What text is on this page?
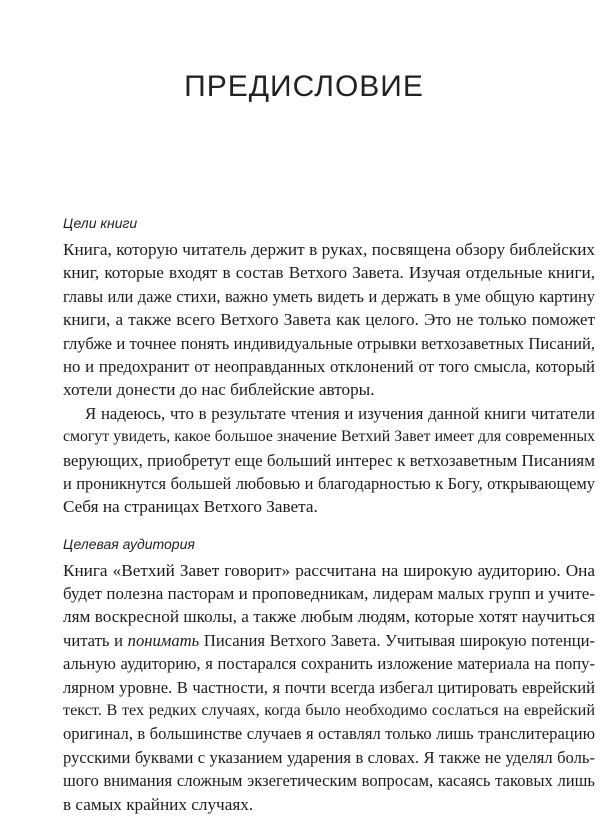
ПРЕДИСЛОВИЕ
Цели книги
Книга, которую читатель держит в руках, посвящена обзору библейских
книг, которые входят в состав Ветхого Завета. Изучая отдельные книги,
главы или даже стихи, важно уметь видеть и держать в уме общую картину
книги, а также всего Ветхого Завета как целого. Это не только поможет
глубже и точнее понять индивидуальные отрывки ветхозаветных Писаний,
но и предохранит от неоправданных отклонений от того смысла, который
хотели донести до нас библейские авторы.
Я надеюсь, что в результате чтения и изучения данной книги читатели
смогут увидеть, какое большое значение Ветхий Завет имеет для современных
верующих, приобретут еще больший интерес к ветхозаветным Писаниям
и проникнутся большей любовью и благодарностью к Богу, открывающему
Себя на страницах Ветхого Завета.
Целевая аудитория
Книга «Ветхий Завет говорит» рассчитана на широкую аудиторию. Она
будет полезна пасторам и проповедникам, лидерам малых групп и учите-
лям воскресной школы, а также любым людям, которые хотят научиться
читать и понимать Писания Ветхого Завета. Учитывая широкую потенци-
альную аудиторию, я постарался сохранить изложение материала на попу-
лярном уровне. В частности, я почти всегда избегал цитировать еврейский
текст. В тех редких случаях, когда было необходимо сослаться на еврейский
оригинал, в большинстве случаев я оставлял только лишь транслитерацию
русскими буквами с указанием ударения в словах. Я также не уделял боль-
шого внимания сложным экзегетическим вопросам, касаясь таковых лишь
в самых крайних случаях.
